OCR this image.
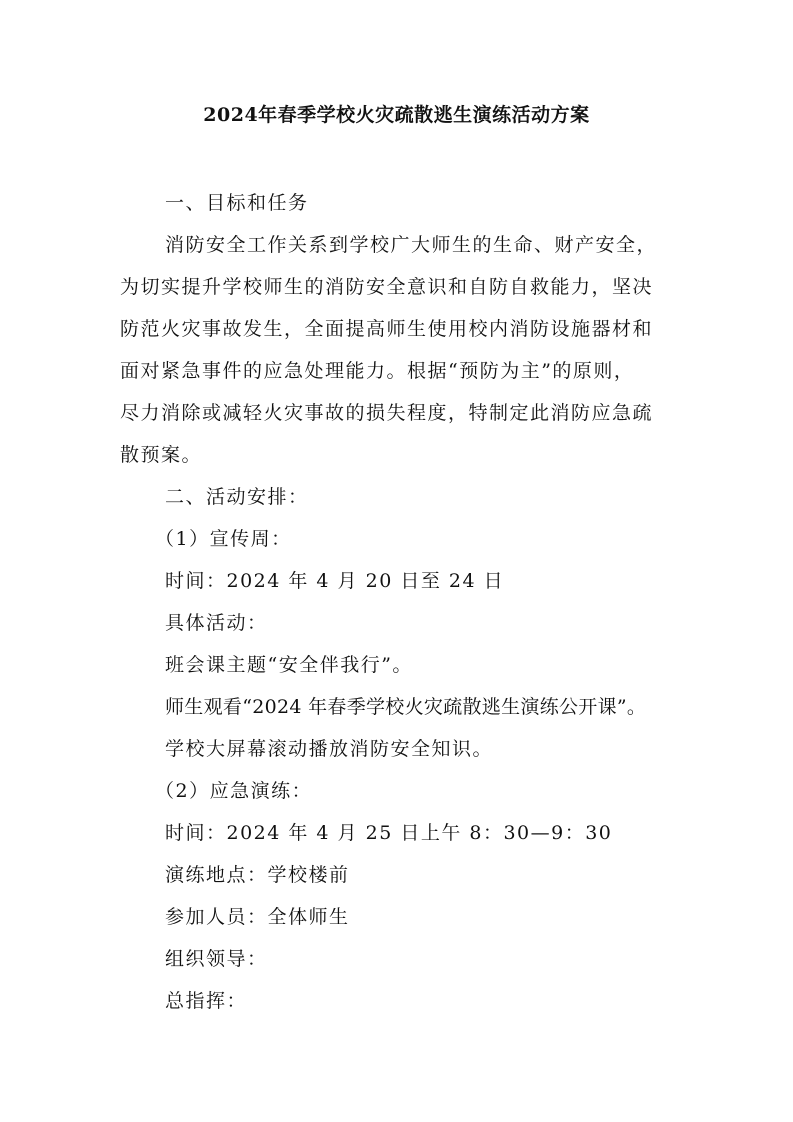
2024年春季学校火灾疏散逃生演练活动方案
一、目标和任务
消防安全工作关系到学校广大师生的生命、财产安全，
为切实提升学校师生的消防安全意识和自防自救能力，坚决
防范火灾事故发生，全面提高师生使用校内消防设施器材和
面对紧急事件的应急处理能力。根据“预防为主”的原则，
尽力消除或减轻火灾事故的损失程度，特制定此消防应急疏
散预案。
二、活动安排：
（1）宣传周：
时间：2024 年 4 月 20 日至 24 日
具体活动：
班会课主题“安全伴我行”。
师生观看“2024 年春季学校火灾疏散逃生演练公开课”。
学校大屏幕滚动播放消防安全知识。
（2）应急演练：
时间：2024 年 4 月 25 日上午 8：30—9：30
演练地点：学校楼前
参加人员：全体师生
组织领导：
总指挥：
